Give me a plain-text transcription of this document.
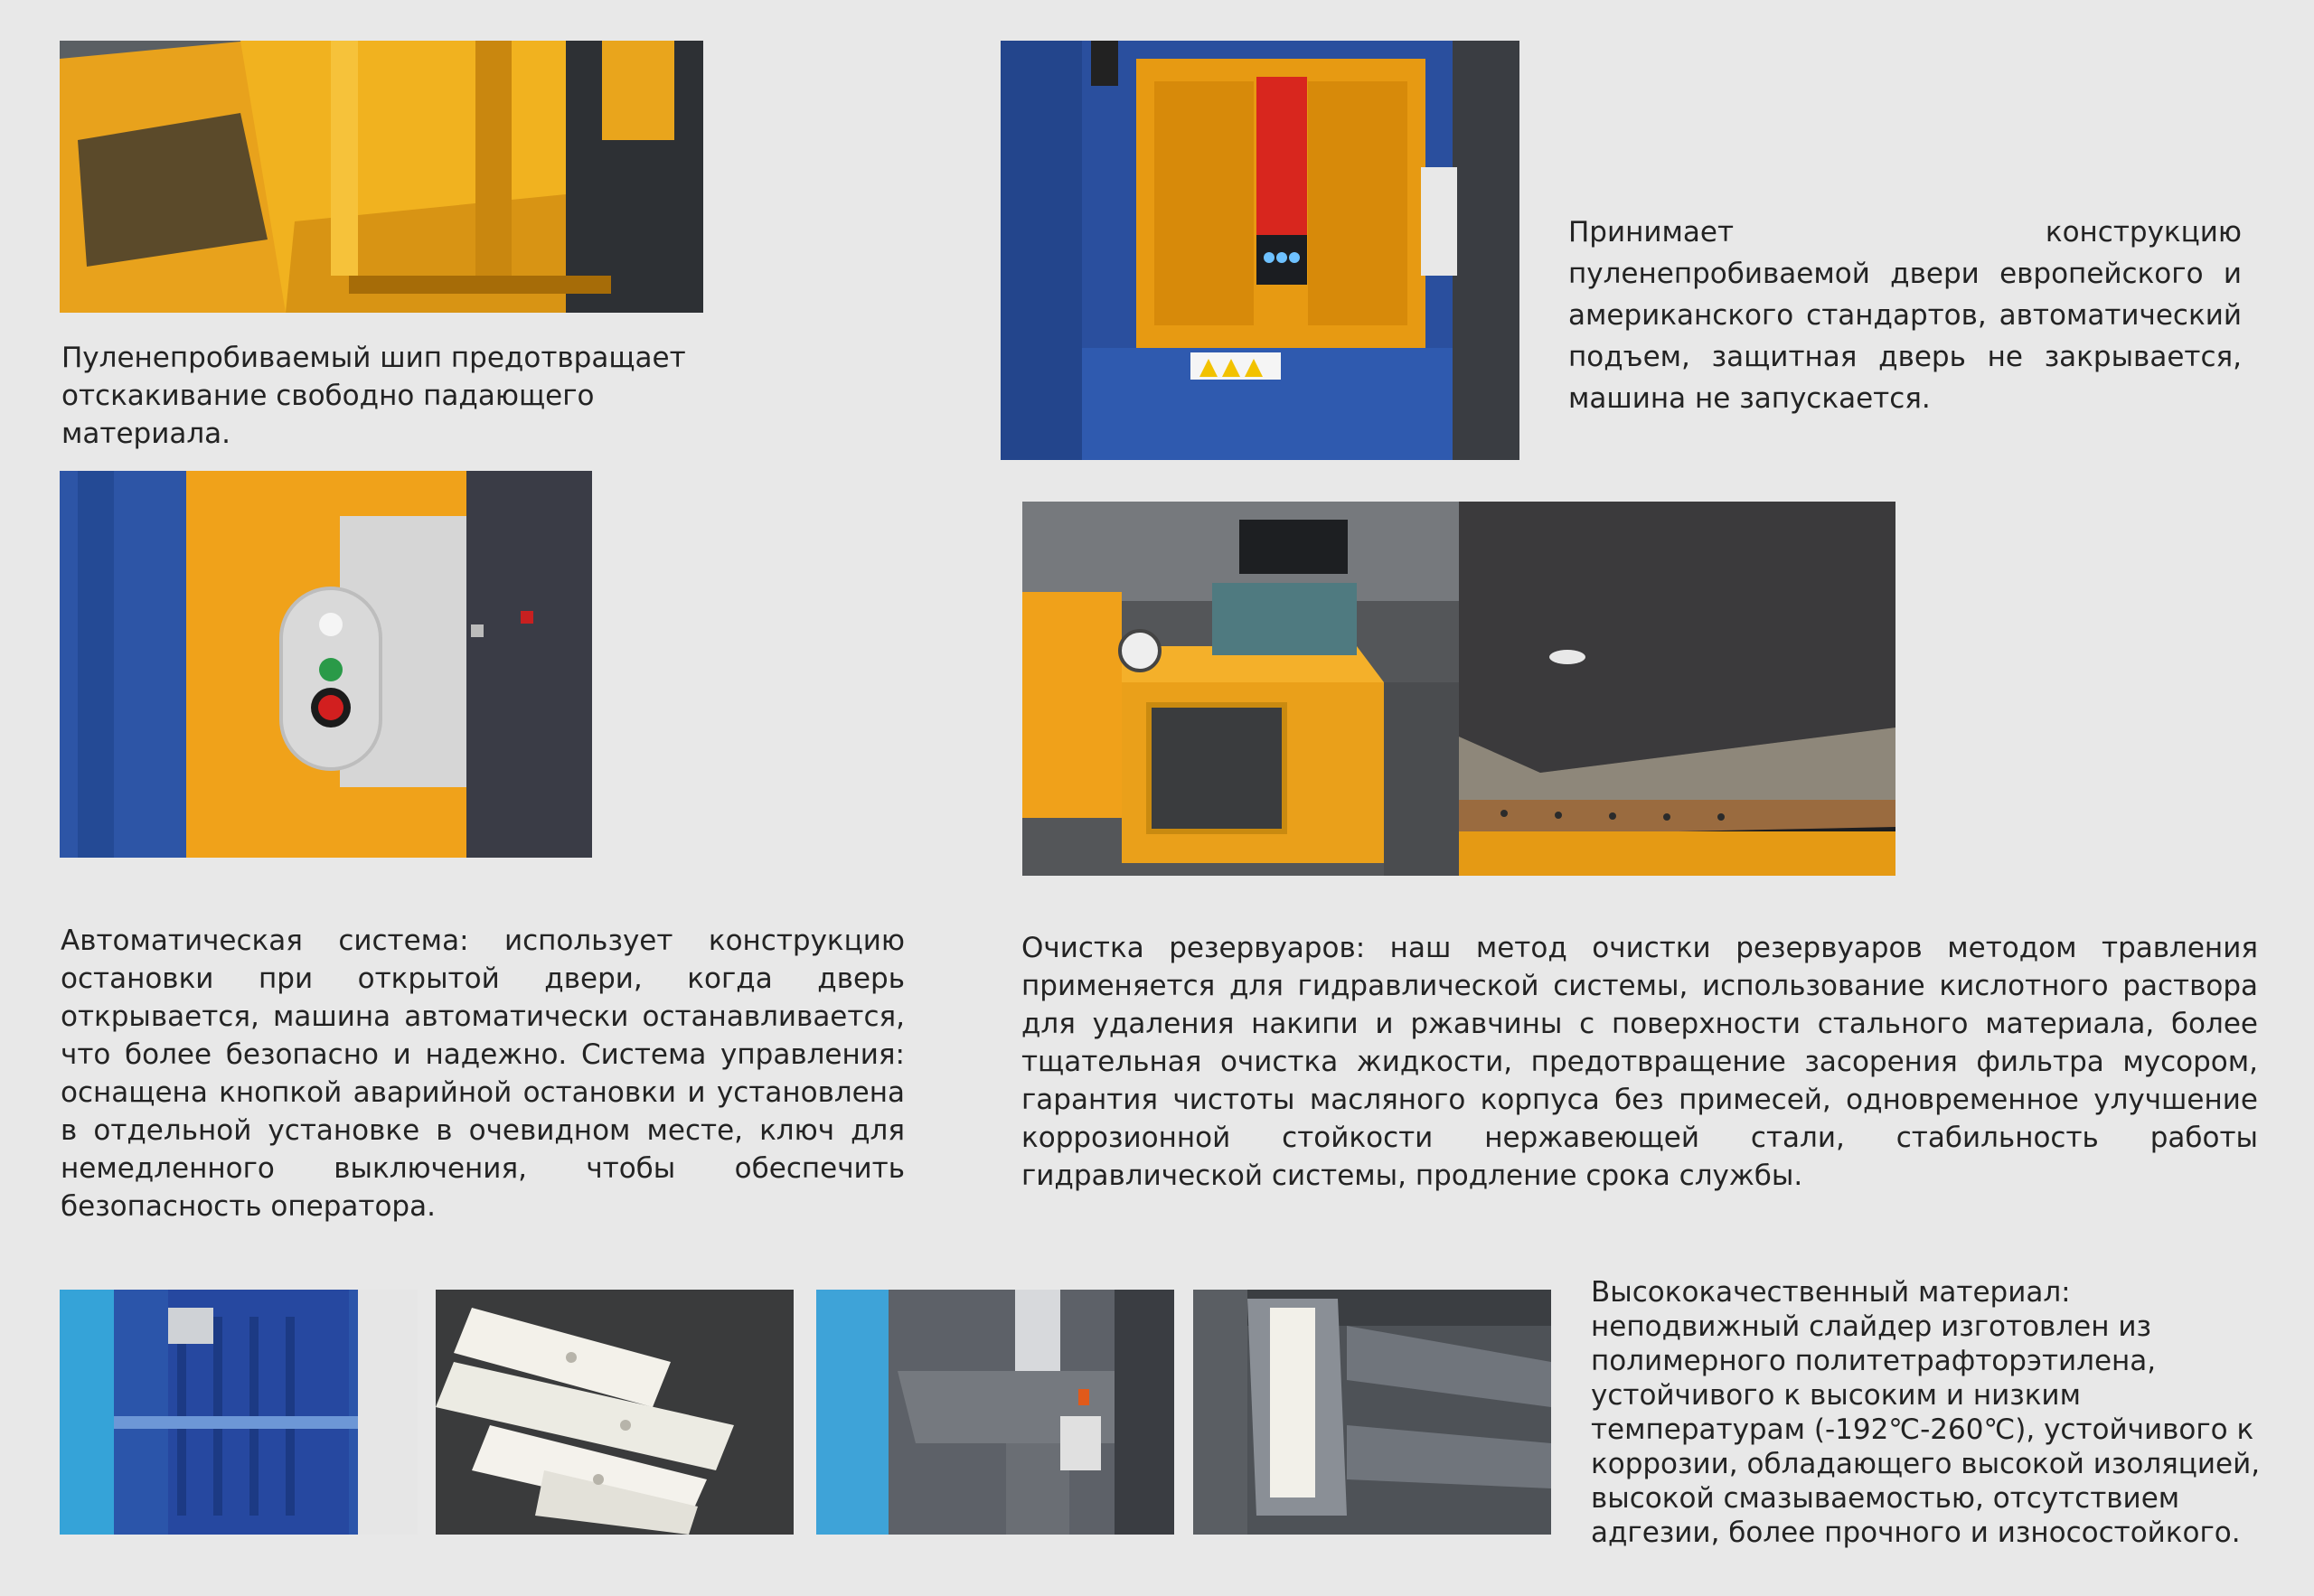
Пуленепробиваемый шип предотвращает отскакивание свободно падающего материала.

Принимает конструкцию пуленепробиваемой двери европейского и американского стандартов, автоматический подъем, защитная дверь не закрывается, машина не запускается.

Автоматическая система: использует конструкцию остановки при открытой двери, когда дверь открывается, машина автоматически останавливается, что более безопасно и надежно. Система управления: оснащена кнопкой аварийной остановки и установлена в отдельной установке в очевидном месте, ключ для немедленного выключения, чтобы обеспечить безопасность оператора.

Очистка резервуаров: наш метод очистки резервуаров методом травления применяется для гидравлической системы, использование кислотного раствора для удаления накипи и ржавчины с поверхности стального материала, более тщательная очистка жидкости, предотвращение засорения фильтра мусором, гарантия чистоты масляного корпуса без примесей, одновременное улучшение коррозионной стойкости нержавеющей стали, стабильность работы гидравлической системы, продление срока службы.

Высококачественный материал: неподвижный слайдер изготовлен из полимерного политетрафторэтилена, устойчивого к высоким и низким температурам (-192℃-260℃), устойчивого к коррозии, обладающего высокой изоляцией, высокой смазываемостью, отсутствием адгезии, более прочного и износостойкого.
